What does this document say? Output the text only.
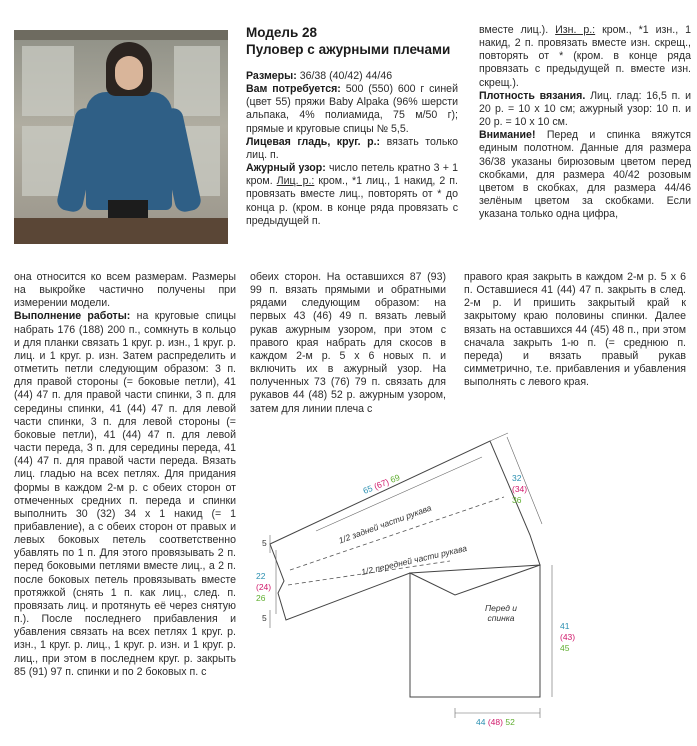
Модель 28
Пуловер с ажурными плечами

Размеры: 36/38 (40/42) 44/46

Вам потребуется: 500 (550) 600 г синей (цвет 55) пряжи Baby Alpaka (96% шерсти альпака, 4% полиамида, 75 м/50 г); прямые и круговые спицы № 5,5.

Лицевая гладь, круг. р.: вязать только лиц. п.

Ажурный узор: число петель кратно 3 + 1 кром. Лиц. р.: кром., *1 лиц., 1 накид, 2 п. провязать вместе лиц., повторять от * до конца р. (кром. в конце ряда провязать с предыдущей п.

вместе лиц.). Изн. р.: кром., *1 изн., 1 накид, 2 п. провязать вместе изн. скрещ., повторять от * (кром. в конце ряда провязать с предыдущей п. вместе изн. скрещ.).

Плотность вязания. Лиц. глад: 16,5 п. и 20 р. = 10 x 10 см; ажурный узор: 10 п. и 20 р. = 10 x 10 см.

Внимание! Перед и спинка вяжутся единым полотном. Данные для размера 36/38 указаны бирюзовым цветом перед скобками, для размера 40/42 розовым цветом в скобках, для размера 44/46 зелёным цветом за скобками. Если указана только одна цифра,

она относится ко всем размерам. Размеры на выкройке частично получены при измерении модели.

Выполнение работы: на круговые спицы набрать 176 (188) 200 п., сомкнуть в кольцо и для планки связать 1 круг. р. изн., 1 круг. р. лиц. и 1 круг. р. изн. Затем распределить и отметить петли следующим образом: 3 п. для правой стороны (= боковые петли), 41 (44) 47 п. для правой части спинки, 3 п. для середины спинки, 41 (44) 47 п. для левой части спинки, 3 п. для левой стороны (= боковые петли), 41 (44) 47 п. для левой части переда, 3 п. для середины переда, 41 (44) 47 п. для правой части переда. Вязать лиц. гладью на всех петлях. Для придания формы в каждом 2-м р. с обеих сторон от отмеченных средних п. переда и спинки выполнить 30 (32) 34 x 1 накид (= 1 прибавление), а с обеих сторон от правых и левых боковых петель соответственно убавлять по 1 п. Для этого провязывать 2 п. перед боковыми петлями вместе лиц., а 2 п. после боковых петель провязывать вместе протяжкой (снять 1 п. как лиц., след. п. провязать лиц. и протянуть её через снятую п.). После последнего прибавления и убавления связать на всех петлях 1 круг. р. изн., 1 круг. р. лиц., 1 круг. р. изн. и 1 круг. р. лиц., при этом в последнем круг. р. закрыть 85 (91) 97 п. спинки и по 2 боковых п. с

обеих сторон. На оставшихся 87 (93) 99 п. вязать прямыми и обратными рядами следующим образом: на первых 43 (46) 49 п. вязать левый рукав ажурным узором, при этом с правого края набрать для скосов в каждом 2-м р. 5 x 6 новых п. и включить их в ажурный узор. На полученных 73 (76) 79 п. связать для рукавов 44 (48) 52 р. ажурным узором, затем для линии плеча с

правого края закрыть в каждом 2-м р. 5 x 6 п. Оставшиеся 41 (44) 47 п. закрыть в след. 2-м р. И пришить закрытый край к закрытому краю половины спинки. Далее вязать на оставшихся 44 (45) 48 п., при этом сначала закрыть 1-ю п. (= среднюю п. переда) и вязать правый рукав симметрично, т.е. прибавления и убавления выполнять с левого края.

1/2 задней части рукава
1/2 передней части рукава
Перед и спинка
65 (67) 69	32
(34)
36
22
(24)
26
41
(43)
45
44 (48) 52
5
5
